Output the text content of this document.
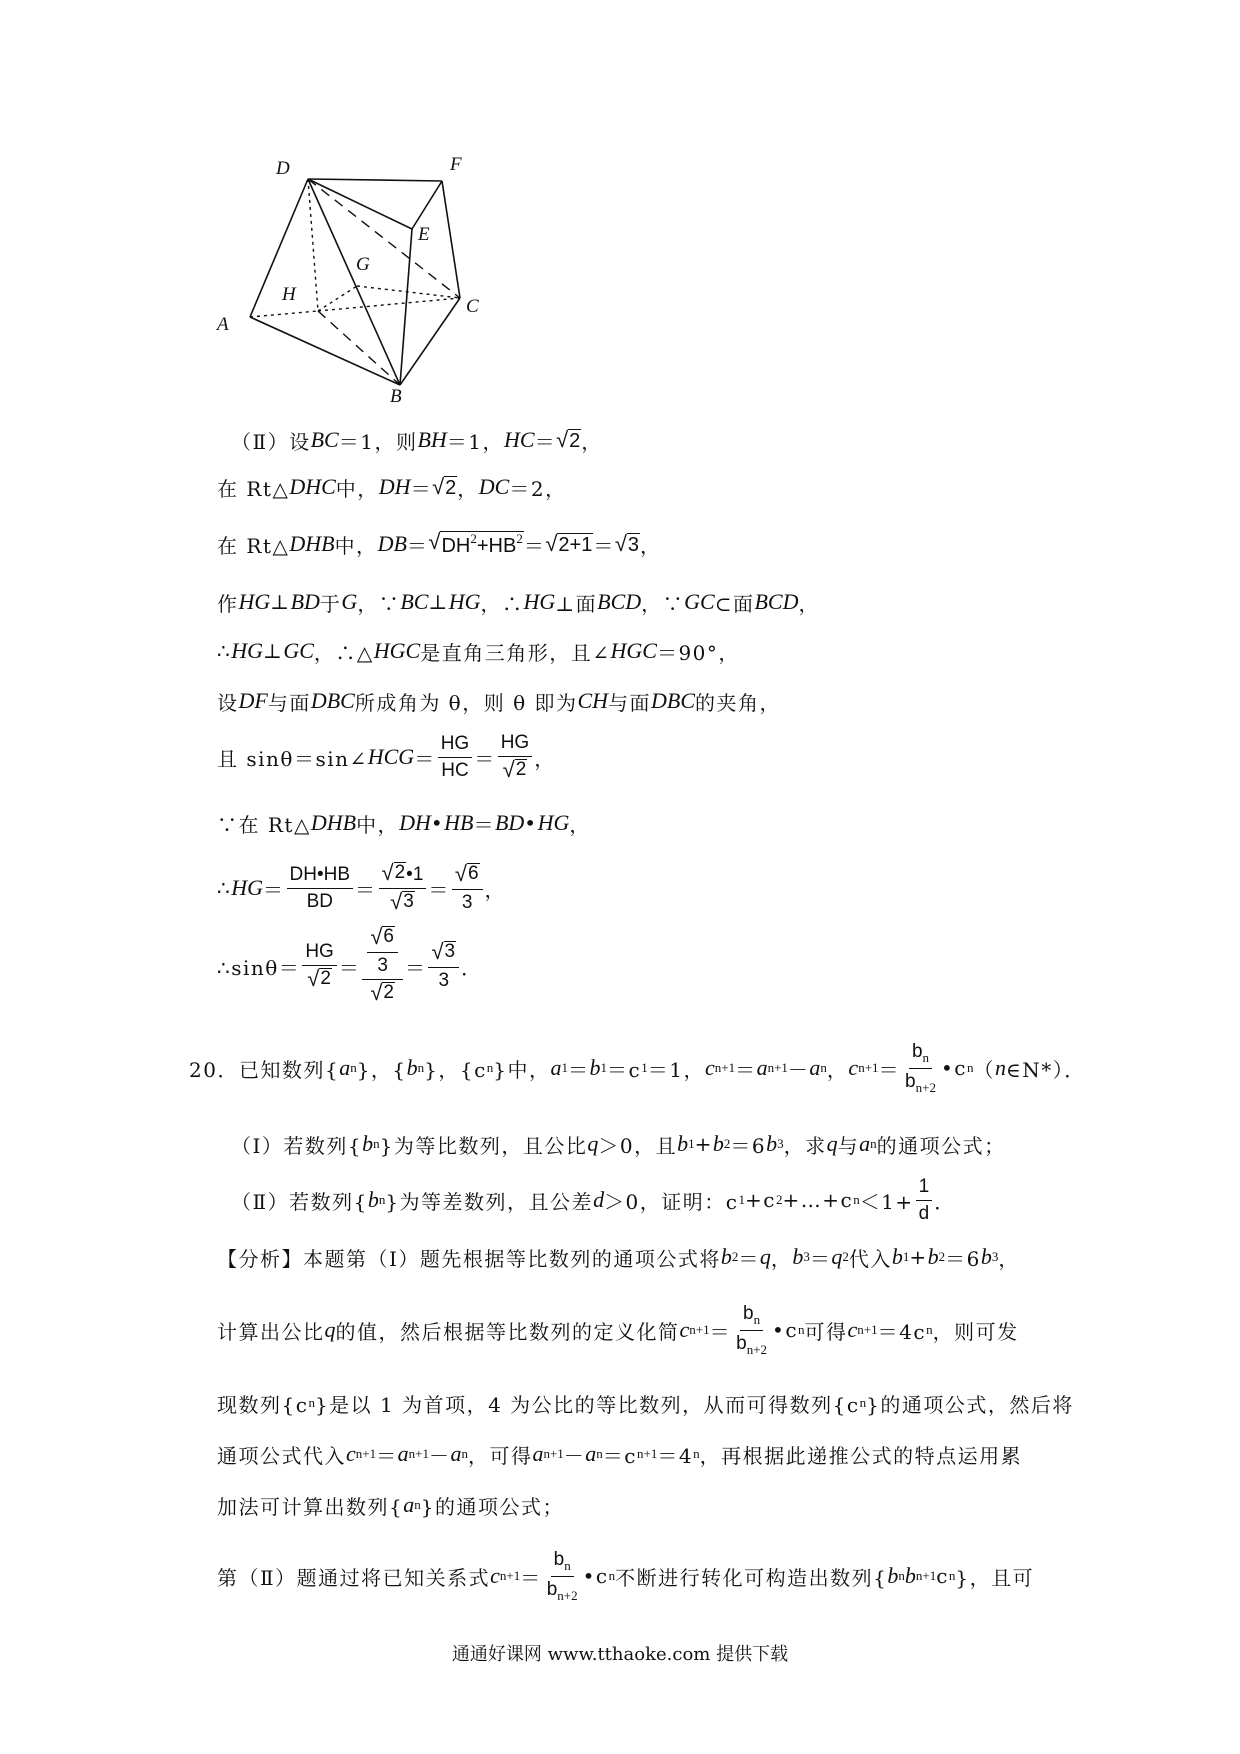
D	F
E
G
H
A
C
B
（Ⅱ）设 BC ＝1，则 BH ＝1， HC ＝ √ 2 ，
在 Rt△ DHC 中， DH ＝ √ 2 ， DC ＝2，
在 Rt△ DHB 中， DB ＝ √ $DH^2+HB^2$ ＝ √ 2+1 ＝ √ 3 ，
作 HG ⊥ BD 于 G ，∵ BC ⊥ HG ，∴ HG ⊥面 BCD ，∵ GC ⊂面 BCD ，
∴ HG ⊥ GC ，∴△ HGC 是直角三角形，且∠ HGC ＝90°，
设 DF 与面 DBC 所成角为 θ，则 θ 即为 CH 与面 DBC 的夹角，
且 sinθ＝sin∠ HCG ＝ $\frac{HG}{HC} = \frac{HG}{√ 2}$ ，
∵在 Rt△ DHB 中， DH • HB ＝ BD • HG ，
∴ HG ＝ $\frac{DH•HB}{BD} = \frac{√ 2 •1}{√ 3} = \frac{√ 6}{3}$ ，
∴sinθ＝ $\frac{HG}{√ 2} = \frac{\frac{√ 6}{3}}{√ 2} = \frac{√ 3}{3}$ ．
20．已知数列{ a n }，{ b n }，{c n }中， a 1 ＝ b 1 ＝c 1 ＝1， c n+1 ＝ a n+1 － a n ， c $n+1 = \frac{b_n}{b_{n+2}}$ •c n （ n ∈N*）．
（Ⅰ）若数列{ b n }为等比数列，且公比 q ＞0，且 b 1 + b 2 ＝6 b 3 ，求 q 与 a n 的通项公式；
（Ⅱ）若数列{ b n }为等差数列，且公差 d ＞0，证明：c 1 +c 2 +…+c $n <1+ \frac{1}{d}$ ．
【分析】本题第（Ⅰ）题先根据等比数列的通项公式将 b 2 ＝ q ， b 3 ＝ q 2 代入 b 1 + b 2 ＝6 b 3 ，
计算出公比 q 的值，然后根据等比数列的定义化简 c $n+1 = \frac{b_n}{b_{n+2}}$ •c n 可得 c n+1 ＝4c n ，则可发
现数列{c n }是以 1 为首项，4 为公比的等比数列，从而可得数列{c n }的通项公式，然后将
通项公式代入 c n+1 ＝ a n+1 － a n ，可得 a n+1 － a n ＝c n+1 ＝4 n ，再根据此递推公式的特点运用累
加法可计算出数列{ a n }的通项公式；
第（Ⅱ）题通过将已知关系式 c $n+1 = \frac{b_n}{b_{n+2}}$ •c n 不断进行转化可构造出数列{ b n b n+1 c n }，且可
通通好课网 www.tthaoke.com 提供下载
